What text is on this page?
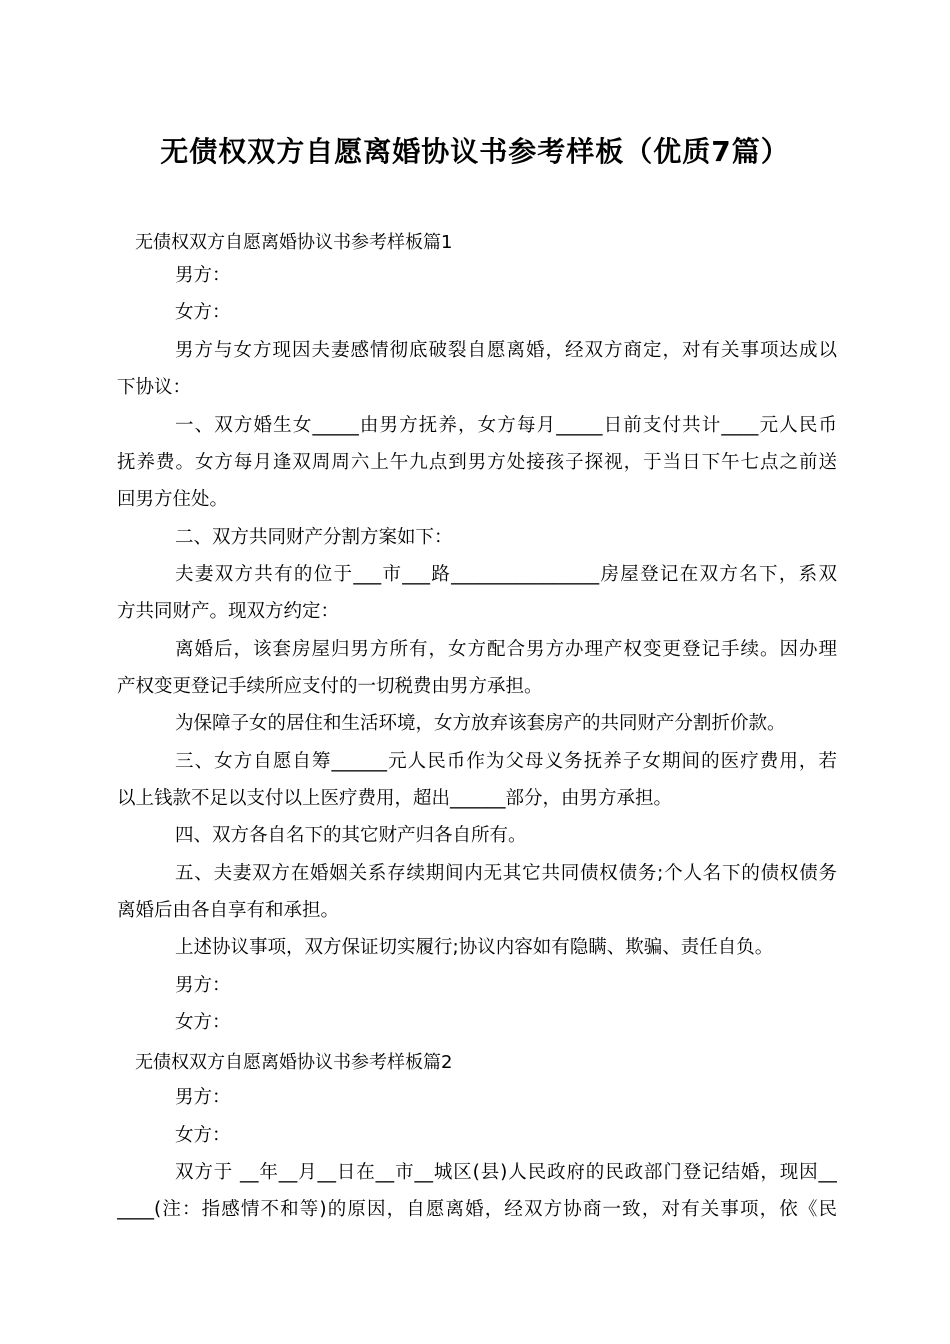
无债权双方自愿离婚协议书参考样板（优质7篇）
无债权双方自愿离婚协议书参考样板篇1
男方：
女方：
男方与女方现因夫妻感情彻底破裂自愿离婚，经双方商定，对有关事项达成以
下协议：
一、双方婚生女_____由男方抚养，女方每月_____日前支付共计____元人民币
抚养费。女方每月逢双周周六上午九点到男方处接孩子探视，于当日下午七点之前送
回男方住处。
二、双方共同财产分割方案如下：
夫妻双方共有的位于___市___路________________房屋登记在双方名下，系双
方共同财产。现双方约定：
离婚后，该套房屋归男方所有，女方配合男方办理产权变更登记手续。因办理
产权变更登记手续所应支付的一切税费由男方承担。
为保障子女的居住和生活环境，女方放弃该套房产的共同财产分割折价款。
三、女方自愿自筹______元人民币作为父母义务抚养子女期间的医疗费用，若
以上钱款不足以支付以上医疗费用，超出______部分，由男方承担。
四、双方各自名下的其它财产归各自所有。
五、夫妻双方在婚姻关系存续期间内无其它共同债权债务;个人名下的债权债务
离婚后由各自享有和承担。
上述协议事项，双方保证切实履行;协议内容如有隐瞒、欺骗、责任自负。
男方：
女方：
无债权双方自愿离婚协议书参考样板篇2
男方：
女方：
双方于 __年__月__日在__市__城区(县)人民政府的民政部门登记结婚，现因__
____(注：指感情不和等)的原因，自愿离婚，经双方协商一致，对有关事项，依《民
